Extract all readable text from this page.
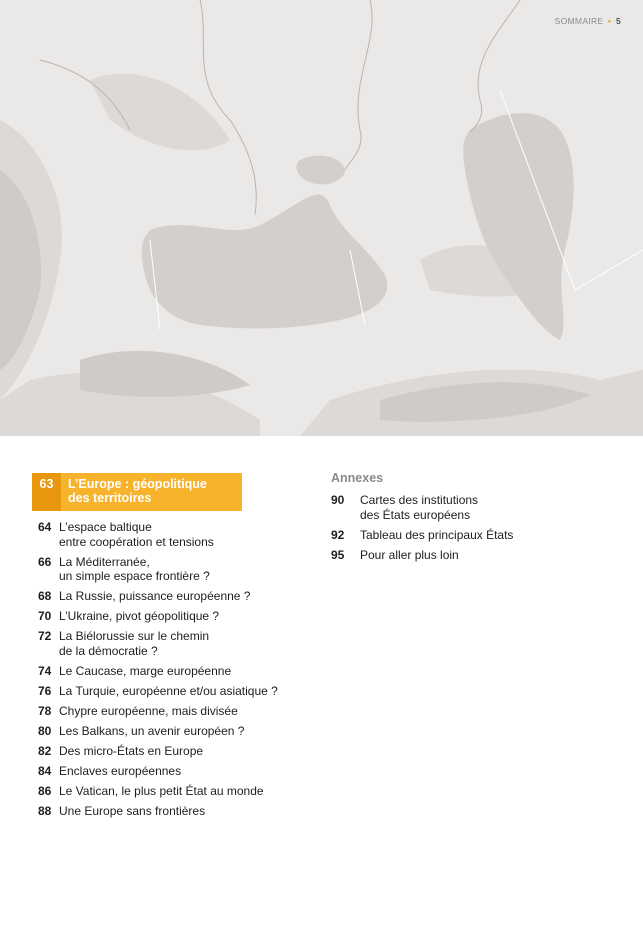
SOMMAIRE • 5
63	L’Europe : géopolitique des territoires
64 L’espace baltique
entre coopération et tensions
66 La Méditerranée,
un simple espace frontière ?
68 La Russie, puissance européenne ?
70 L’Ukraine, pivot géopolitique ?
72 La Biélorussie sur le chemin
de la démocratie ?
74 Le Caucase, marge européenne
76 La Turquie, européenne et/ou asiatique ?
78 Chypre européenne, mais divisée
80 Les Balkans, un avenir européen ?
82 Des micro-États en Europe
84 Enclaves européennes
86 Le Vatican, le plus petit État au monde
88 Une Europe sans frontières
Annexes
90	Cartes des institutions
des États européens
92	Tableau des principaux États
95	Pour aller plus loin
